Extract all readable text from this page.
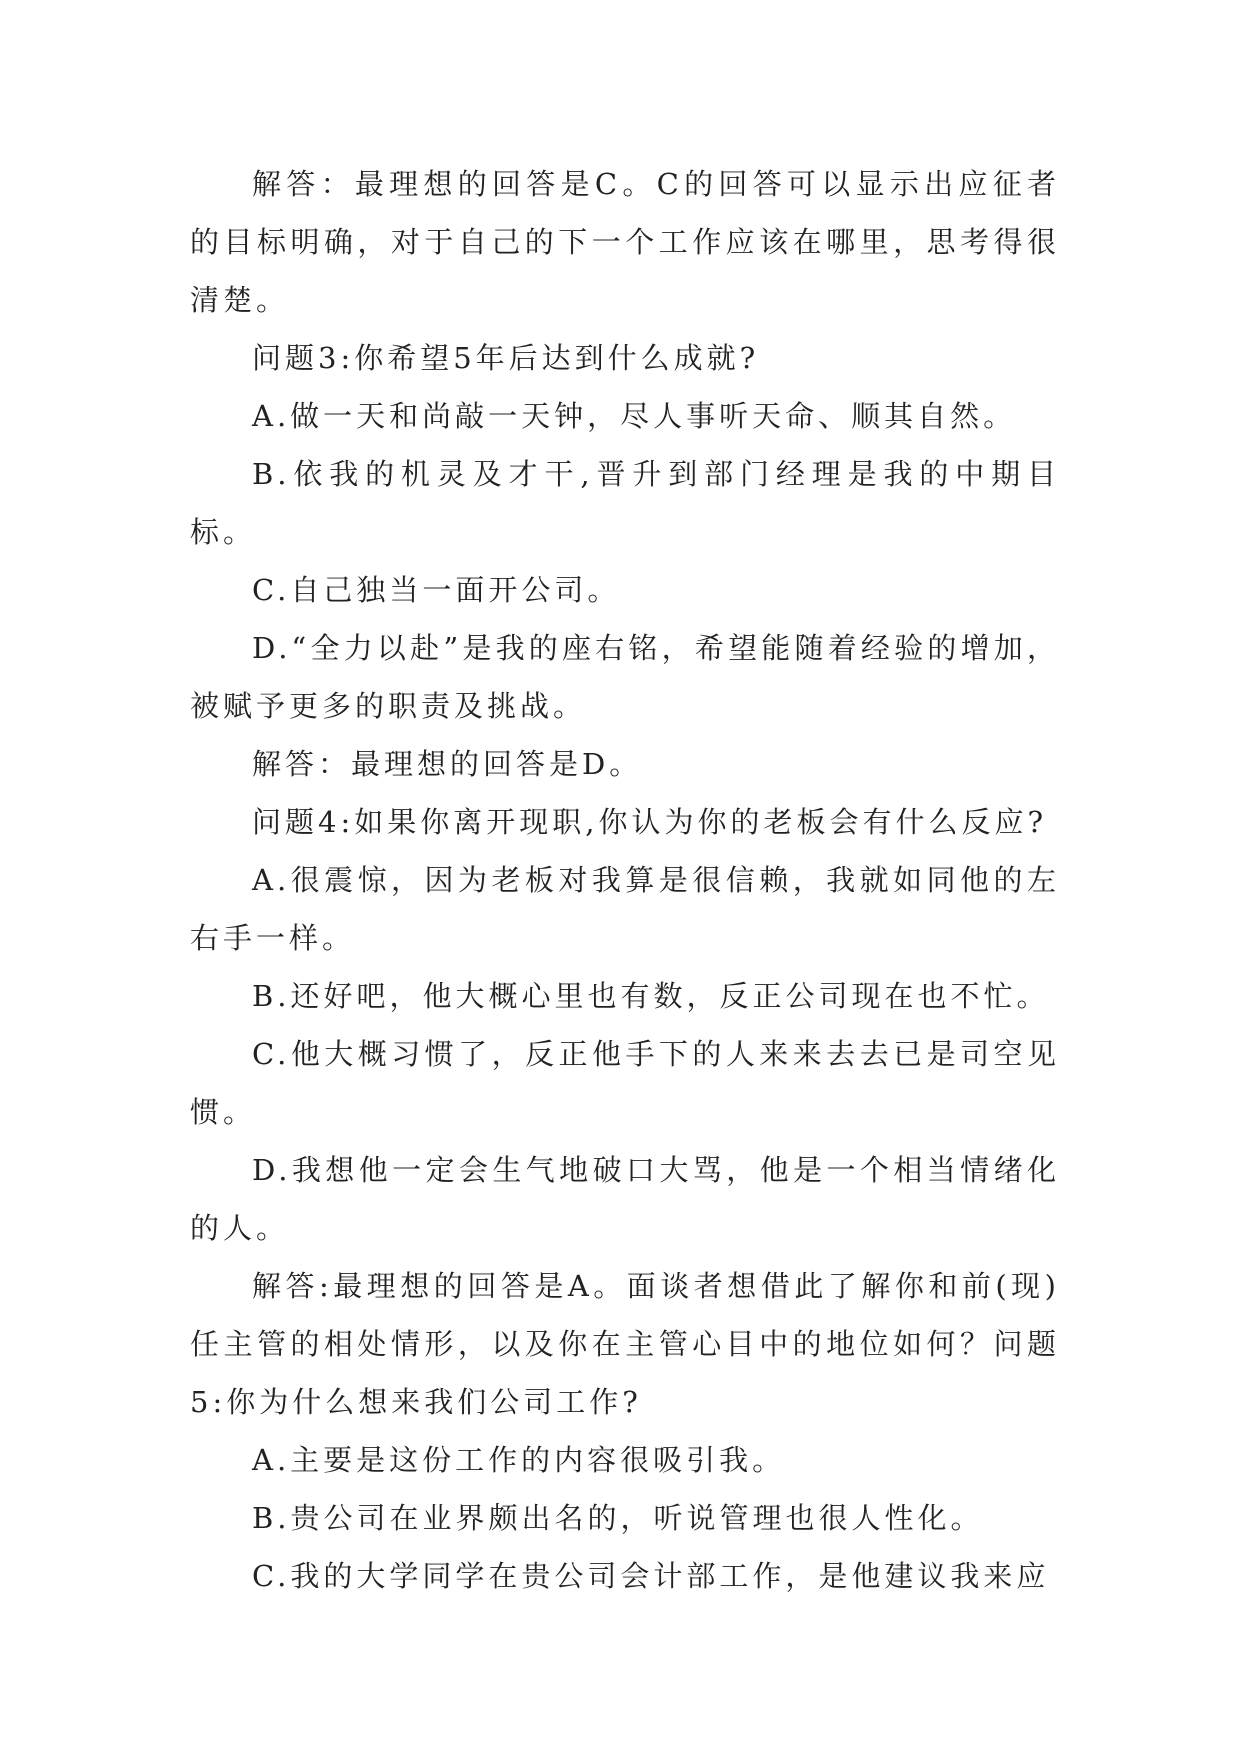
解答：最理想的回答是C。C的回答可以显示出应征者的目标明确，对于自己的下一个工作应该在哪里，思考得很清楚。

问题3:你希望5年后达到什么成就?

A.做一天和尚敲一天钟，尽人事听天命、顺其自然。

B.依我的机灵及才干,晋升到部门经理是我的中期目标。

C.自己独当一面开公司。

D.“全力以赴”是我的座右铭，希望能随着经验的增加，被赋予更多的职责及挑战。

解答：最理想的回答是D。

问题4:如果你离开现职,你认为你的老板会有什么反应?

A.很震惊，因为老板对我算是很信赖，我就如同他的左右手一样。

B.还好吧，他大概心里也有数，反正公司现在也不忙。

C.他大概习惯了，反正他手下的人来来去去已是司空见惯。

D.我想他一定会生气地破口大骂，他是一个相当情绪化的人。

解答:最理想的回答是A。面谈者想借此了解你和前(现)任主管的相处情形，以及你在主管心目中的地位如何？问题5:你为什么想来我们公司工作?

A.主要是这份工作的内容很吸引我。

B.贵公司在业界颇出名的，听说管理也很人性化。

C.我的大学同学在贵公司会计部工作，是他建议我来应
